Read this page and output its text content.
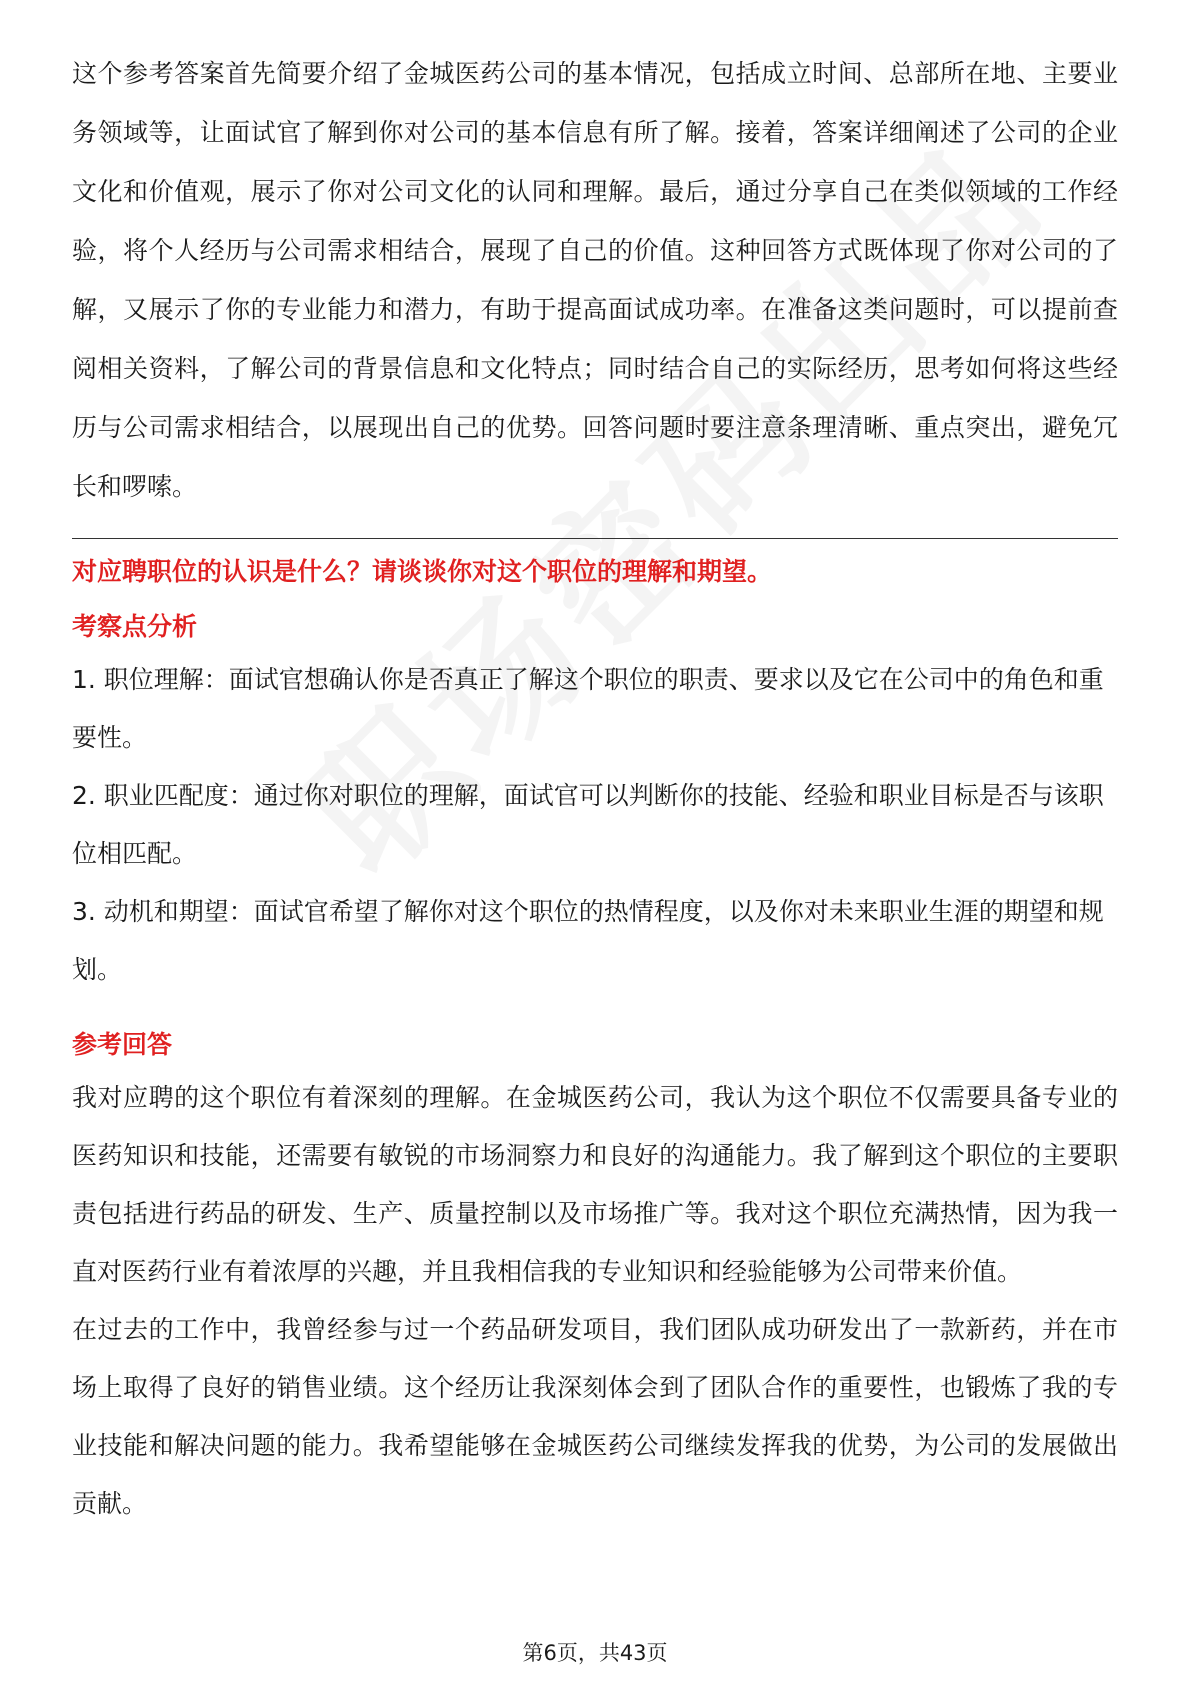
这个参考答案首先简要介绍了金城医药公司的基本情况，包括成立时间、总部所在地、主要业务领域等，让面试官了解到你对公司的基本信息有所了解。接着，答案详细阐述了公司的企业文化和价值观，展示了你对公司文化的认同和理解。最后，通过分享自己在类似领域的工作经验，将个人经历与公司需求相结合，展现了自己的价值。这种回答方式既体现了你对公司的了解，又展示了你的专业能力和潜力，有助于提高面试成功率。在准备这类问题时，可以提前查阅相关资料，了解公司的背景信息和文化特点；同时结合自己的实际经历，思考如何将这些经历与公司需求相结合，以展现出自己的优势。回答问题时要注意条理清晰、重点突出，避免冗长和啰嗦。

对应聘职位的认识是什么？请谈谈你对这个职位的理解和期望。
考察点分析

1. 职位理解：面试官想确认你是否真正了解这个职位的职责、要求以及它在公司中的角色和重要性。

2. 职业匹配度：通过你对职位的理解，面试官可以判断你的技能、经验和职业目标是否与该职位相匹配。

3. 动机和期望：面试官希望了解你对这个职位的热情程度，以及你对未来职业生涯的期望和规划。

参考回答

我对应聘的这个职位有着深刻的理解。在金城医药公司，我认为这个职位不仅需要具备专业的医药知识和技能，还需要有敏锐的市场洞察力和良好的沟通能力。我了解到这个职位的主要职责包括进行药品的研发、生产、质量控制以及市场推广等。我对这个职位充满热情，因为我一直对医药行业有着浓厚的兴趣，并且我相信我的专业知识和经验能够为公司带来价值。

在过去的工作中，我曾经参与过一个药品研发项目，我们团队成功研发出了一款新药，并在市场上取得了良好的销售业绩。这个经历让我深刻体会到了团队合作的重要性，也锻炼了我的专业技能和解决问题的能力。我希望能够在金城医药公司继续发挥我的优势，为公司的发展做出贡献。

第6页，共43页
